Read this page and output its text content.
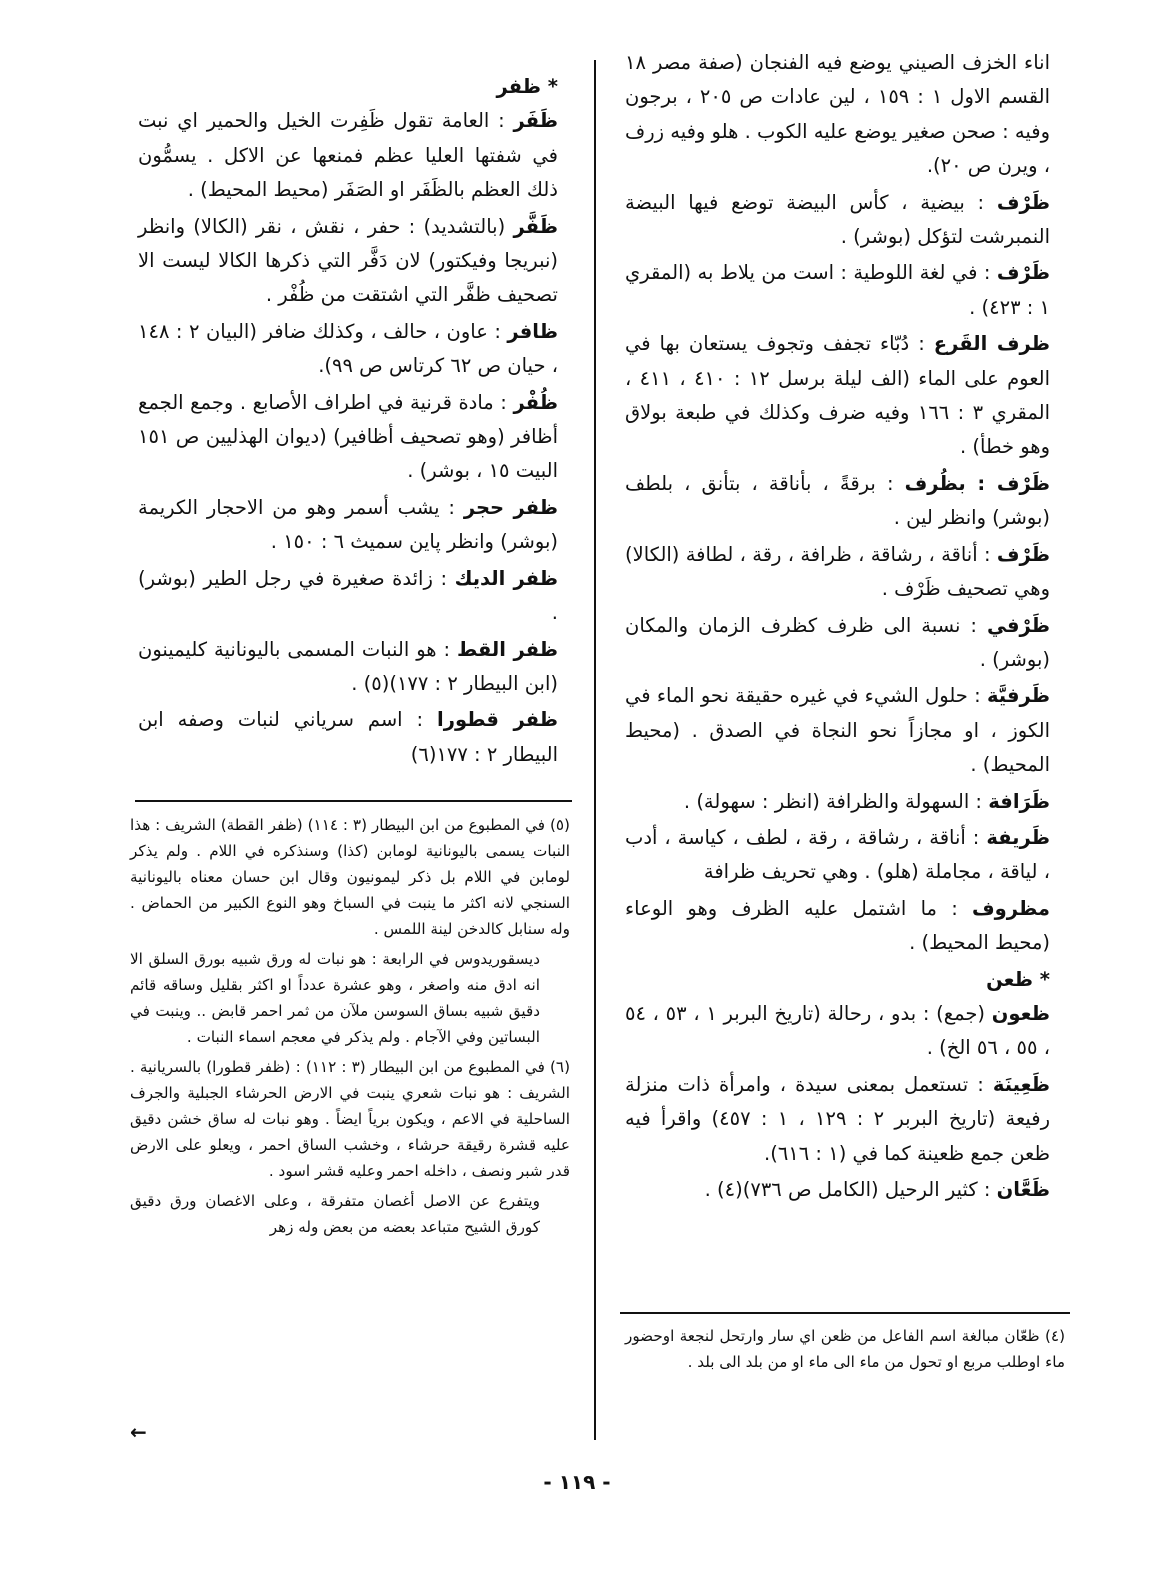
اناء الخزف الصيني يوضع فيه الفنجان (صفة مصر ١٨ القسم الاول ١ : ١٥٩ ، لين عادات ص ٢٠٥ ، برجون وفيه : صحن صغير يوضع عليه الكوب . هلو وفيه زرف ، ويرن ص ٢٠).

ظَرْف : بيضية ، كأس البيضة توضع فيها البيضة النمبرشت لتؤكل (بوشر) .

ظَرْف : في لغة اللوطية : است من يلاط به (المقري ١ : ٤٢٣) .

ظرف القَرع : دُبّاء تجفف وتجوف يستعان بها في العوم على الماء (الف ليلة برسل ١٢ : ٤١٠ ، ٤١١ ، المقري ٣ : ١٦٦ وفيه ضرف وكذلك في طبعة بولاق وهو خطأ) .

ظَرْف : بظُرف : برقةً ، بأناقة ، بتأنق ، بلطف (بوشر) وانظر لين .

ظَرْف : أناقة ، رشاقة ، ظرافة ، رقة ، لطافة (الكالا) وهي تصحيف ظَرْف .

ظَرْفي : نسبة الى ظرف كظرف الزمان والمكان (بوشر) .

ظَرفيَّة : حلول الشيء في غيره حقيقة نحو الماء في الكوز ، او مجازاً نحو النجاة في الصدق . (محيط المحيط) .

ظَرَافة : السهولة والظرافة (انظر : سهولة) .

ظَريفة : أناقة ، رشاقة ، رقة ، لطف ، كياسة ، أدب ، لياقة ، مجاملة (هلو) . وهي تحريف ظرافة

مظروف : ما اشتمل عليه الظرف وهو الوعاء (محيط المحيط) .

* ظعن

ظعون (جمع) : بدو ، رحالة (تاريخ البربر ١ ، ٥٣ ، ٥٤ ، ٥٥ ، ٥٦ الخ) .

ظَعِينَة : تستعمل بمعنى سيدة ، وامرأة ذات منزلة رفيعة (تاريخ البربر ٢ : ١٢٩ ، ١ : ٤٥٧) واقرأ فيه ظعن جمع ظعينة كما في (١ : ٦١٦).

ظَعَّان : كثير الرحيل (الكامل ص ٧٣٦)(٤) .

* ظفر

ظَفَر : العامة تقول ظَفِرت الخيل والحمير اي نبت في شفتها العليا عظم فمنعها عن الاكل . يسمُّون ذلك العظم بالظَفَر او الصَفَر (محيط المحيط) .

ظَفَّر (بالتشديد) : حفر ، نقش ، نقر (الكالا) وانظر (نبريجا وفيكتور) لان دَفَّر التي ذكرها الكالا ليست الا تصحيف ظفَّر التي اشتقت من ظُفْر .

ظافر : عاون ، حالف ، وكذلك ضافر (البيان ٢ : ١٤٨ ، حيان ص ٦٢ كرتاس ص ٩٩).

ظُفْر : مادة قرنية في اطراف الأصابع . وجمع الجمع أظافر (وهو تصحيف أظافير) (ديوان الهذليين ص ١٥١ البيت ١٥ ، بوشر) .

ظفر حجر : يشب أسمر وهو من الاحجار الكريمة (بوشر) وانظر پاين سميث ٦ : ١٥٠ .

ظفر الديك : زائدة صغيرة في رجل الطير (بوشر) .

ظفر القط : هو النبات المسمى باليونانية كليمينون (ابن البيطار ٢ : ١٧٧)(٥) .

ظفر قطورا : اسم سرياني لنبات وصفه ابن البيطار ٢ : ١٧٧(٦)

(٥) في المطبوع من ابن البيطار (٣ : ١١٤) (ظفر القطة) الشريف : هذا النبات يسمى باليونانية لومابن (كذا) وسنذكره في اللام . ولم يذكر لومابن في اللام بل ذكر ليمونيون وقال ابن حسان معناه باليونانية السنجي لانه اكثر ما ينبت في السباخ وهو النوع الكبير من الحماض . وله سنابل كالدخن لينة اللمس .

ديسقوريدوس في الرابعة : هو نبات له ورق شبيه بورق السلق الا انه ادق منه واصغر ، وهو عشرة عدداً او اكثر بقليل وساقه قائم دقيق شبيه بساق السوسن ملآن من ثمر احمر قابض .. وينبت في البساتين وفي الآجام . ولم يذكر في معجم اسماء النبات .

(٦) في المطبوع من ابن البيطار (٣ : ١١٢) : (ظفر قطورا) بالسريانية . الشريف : هو نبات شعري ينبت في الارض الحرشاء الجبلية والجرف الساحلية في الاعم ، ويكون برياً ايضاً . وهو نبات له ساق خشن دقيق عليه قشرة رقيقة حرشاء ، وخشب الساق احمر ، ويعلو على الارض قدر شبر ونصف ، داخله احمر وعليه قشر اسود .

ويتفرع عن الاصل أغصان متفرقة ، وعلى الاغصان ورق دقيق كورق الشيح متباعد بعضه من بعض وله زهر

(٤) ظعّان مبالغة اسم الفاعل من ظعن اي سار وارتحل لنجعة اوحضور ماء اوطلب مربع او تحول من ماء الى ماء او من بلد الى بلد .

←
- ١١٩ -
